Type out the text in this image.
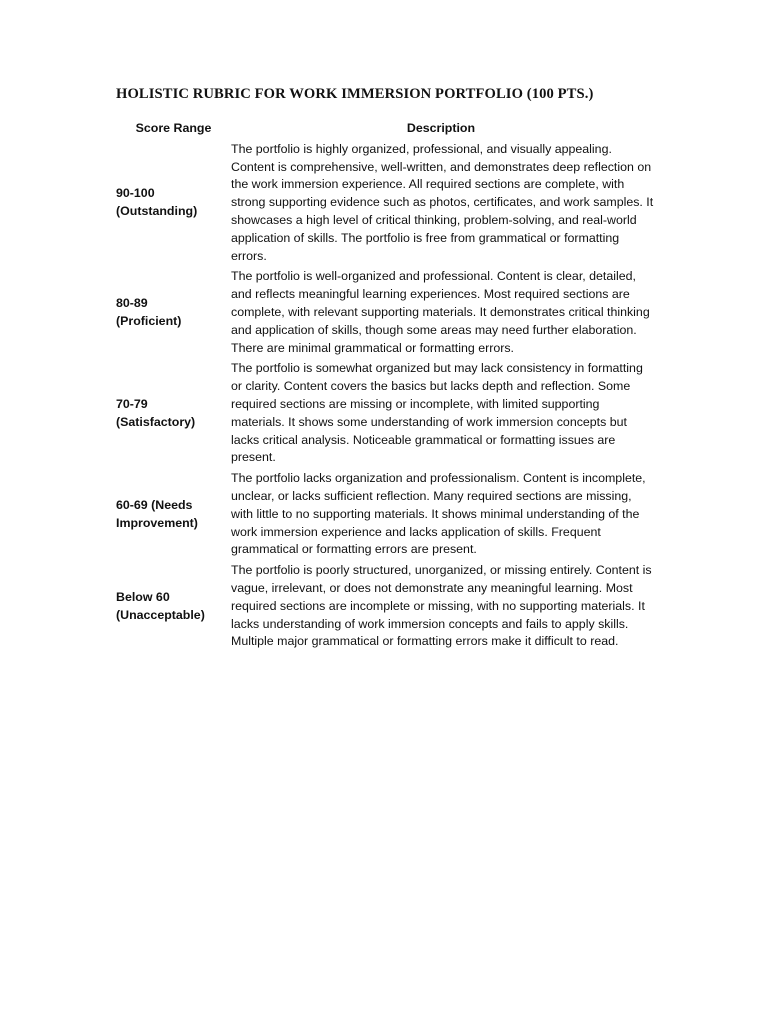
HOLISTIC RUBRIC FOR WORK IMMERSION PORTFOLIO (100 PTS.)
Score Range	Description
90-100
(Outstanding)
The portfolio is highly organized, professional, and visually appealing. Content is comprehensive, well-written, and demonstrates deep reflection on the work immersion experience. All required sections are complete, with strong supporting evidence such as photos, certificates, and work samples. It showcases a high level of critical thinking, problem-solving, and real-world application of skills. The portfolio is free from grammatical or formatting errors.
80-89
(Proficient)
The portfolio is well-organized and professional. Content is clear, detailed, and reflects meaningful learning experiences. Most required sections are complete, with relevant supporting materials. It demonstrates critical thinking and application of skills, though some areas may need further elaboration. There are minimal grammatical or formatting errors.
70-79
(Satisfactory)
The portfolio is somewhat organized but may lack consistency in formatting or clarity. Content covers the basics but lacks depth and reflection. Some required sections are missing or incomplete, with limited supporting materials. It shows some understanding of work immersion concepts but lacks critical analysis. Noticeable grammatical or formatting issues are present.
60-69 (Needs
Improvement)
The portfolio lacks organization and professionalism. Content is incomplete, unclear, or lacks sufficient reflection. Many required sections are missing, with little to no supporting materials. It shows minimal understanding of the work immersion experience and lacks application of skills. Frequent grammatical or formatting errors are present.
Below 60
(Unacceptable)
The portfolio is poorly structured, unorganized, or missing entirely. Content is vague, irrelevant, or does not demonstrate any meaningful learning. Most required sections are incomplete or missing, with no supporting materials. It lacks understanding of work immersion concepts and fails to apply skills. Multiple major grammatical or formatting errors make it difficult to read.
